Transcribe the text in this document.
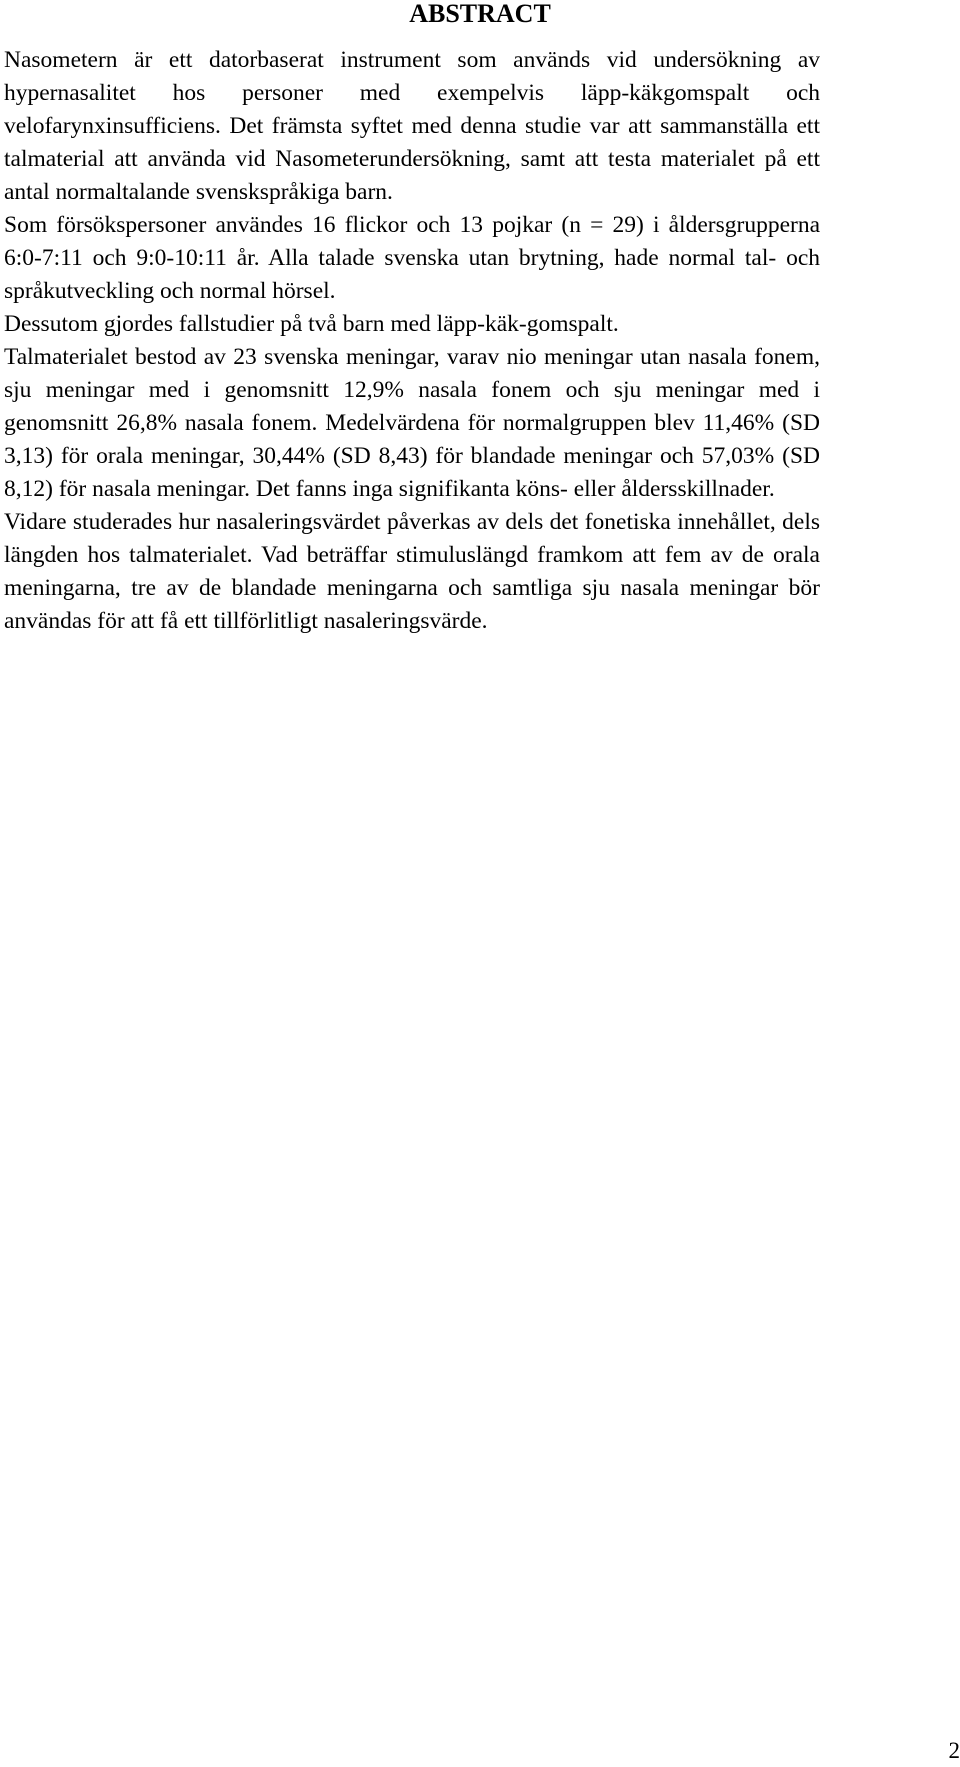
ABSTRACT

Nasometern är ett datorbaserat instrument som används vid undersökning av hypernasalitet hos personer med exempelvis läpp-käkgomspalt och velofarynxinsufficiens. Det främsta syftet med denna studie var att sammanställa ett talmaterial att använda vid Nasometerundersökning, samt att testa materialet på ett antal normaltalande svenskspråkiga barn.

Som försökspersoner användes 16 flickor och 13 pojkar (n = 29) i åldersgrupperna 6:0-7:11 och 9:0-10:11 år. Alla talade svenska utan brytning, hade normal tal- och språkutveckling och normal hörsel.

Dessutom gjordes fallstudier på två barn med läpp-käk-gomspalt.

Talmaterialet bestod av 23 svenska meningar, varav nio meningar utan nasala fonem, sju meningar med i genomsnitt 12,9% nasala fonem och sju meningar med i genomsnitt 26,8% nasala fonem. Medelvärdena för normalgruppen blev 11,46% (SD 3,13) för orala meningar, 30,44% (SD 8,43) för blandade meningar och 57,03% (SD 8,12) för nasala meningar. Det fanns inga signifikanta köns- eller åldersskillnader.

Vidare studerades hur nasaleringsvärdet påverkas av dels det fonetiska innehållet, dels längden hos talmaterialet. Vad beträffar stimuluslängd framkom att fem av de orala meningarna, tre av de blandade meningarna och samtliga sju nasala meningar bör användas för att få ett tillförlitligt nasaleringsvärde.

2
